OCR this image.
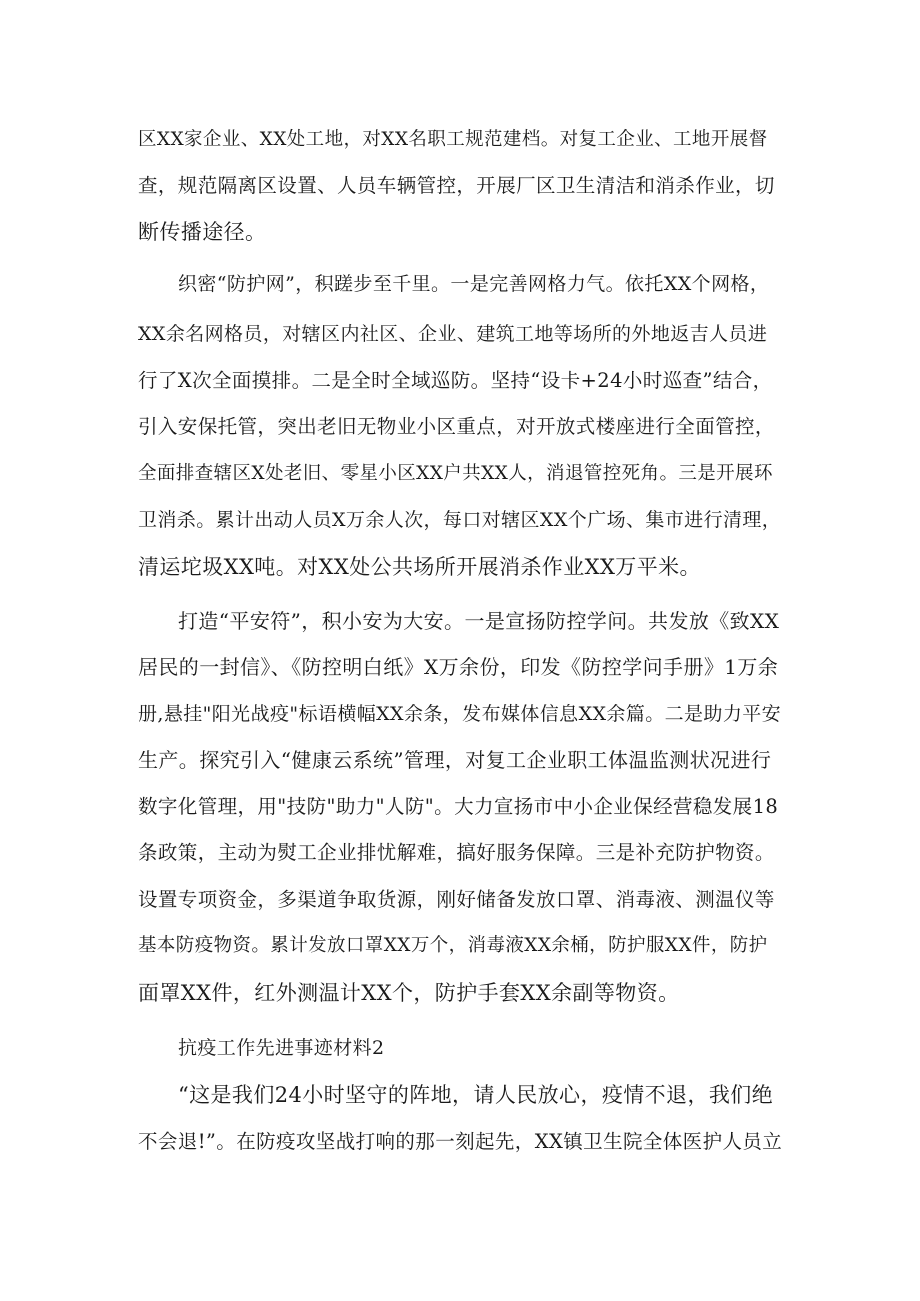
区XX家企业、XX处工地，对XX名职工规范建档。对复工企业、工地开展督
查，规范隔离区设置、人员车辆管控，开展厂区卫生清洁和消杀作业，切
断传播途径。
织密“防护网”，积蹉步至千里。一是完善网格力气。依托XX个网格，
XX余名网格员，对辖区内社区、企业、建筑工地等场所的外地返吉人员进
行了X次全面摸排。二是全时全域巡防。坚持“设卡+24小时巡查”结合，
引入安保托管，突出老旧无物业小区重点，对开放式楼座进行全面管控，
全面排查辖区X处老旧、零星小区XX户共XX人，消退管控死角。三是开展环
卫消杀。累计出动人员X万余人次，每口对辖区XX个广场、集市进行清理，
清运坨圾XX吨。对XX处公共场所开展消杀作业XX万平米。
打造“平安符”，积小安为大安。一是宣扬防控学问。共发放《致XX
居民的一封信》、《防控明白纸》X万余份，印发《防控学问手册》1万余
册,悬挂"阳光战疫"标语横幅XX余条，发布媒体信息XX余篇。二是助力平安
生产。探究引入“健康云系统”管理，对复工企业职工体温监测状况进行
数字化管理，用"技防"助力"人防"。大力宣扬市中小企业保经营稳发展18
条政策，主动为熨工企业排忧解难，搞好服务保障。三是补充防护物资。
设置专项资金，多渠道争取货源，刚好储备发放口罩、消毒液、测温仪等
基本防疫物资。累计发放口罩XX万个，消毒液XX余桶，防护服XX件，防护
面罩XX件，红外测温计XX个，防护手套XX余副等物资。
抗疫工作先进事迹材料2
“这是我们24小时坚守的阵地，请人民放心，疫情不退，我们绝
不会退!”。在防疫攻坚战打响的那一刻起先，XX镇卫生院全体医护人员立
